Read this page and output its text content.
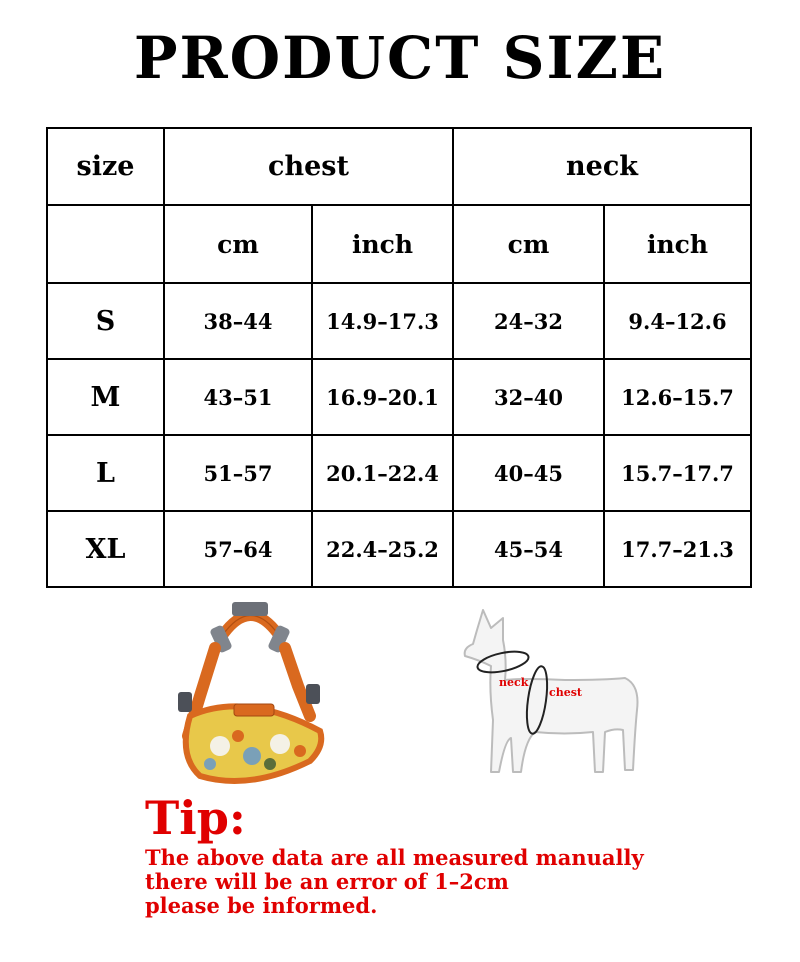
PRODUCT SIZE
size	chest		neck	
	cm	inch	cm	inch
S	38–44	14.9–17.3	24–32	9.4–12.6
M	43–51	16.9–20.1	32–40	12.6–15.7
L	51–57	20.1–22.4	40–45	15.7–17.7
XL	57–64	22.4–25.2	45–54	17.7–21.3
neck
chest
Tip:
The above data are all measured manually
there will be an error of 1–2cm
please be informed.
